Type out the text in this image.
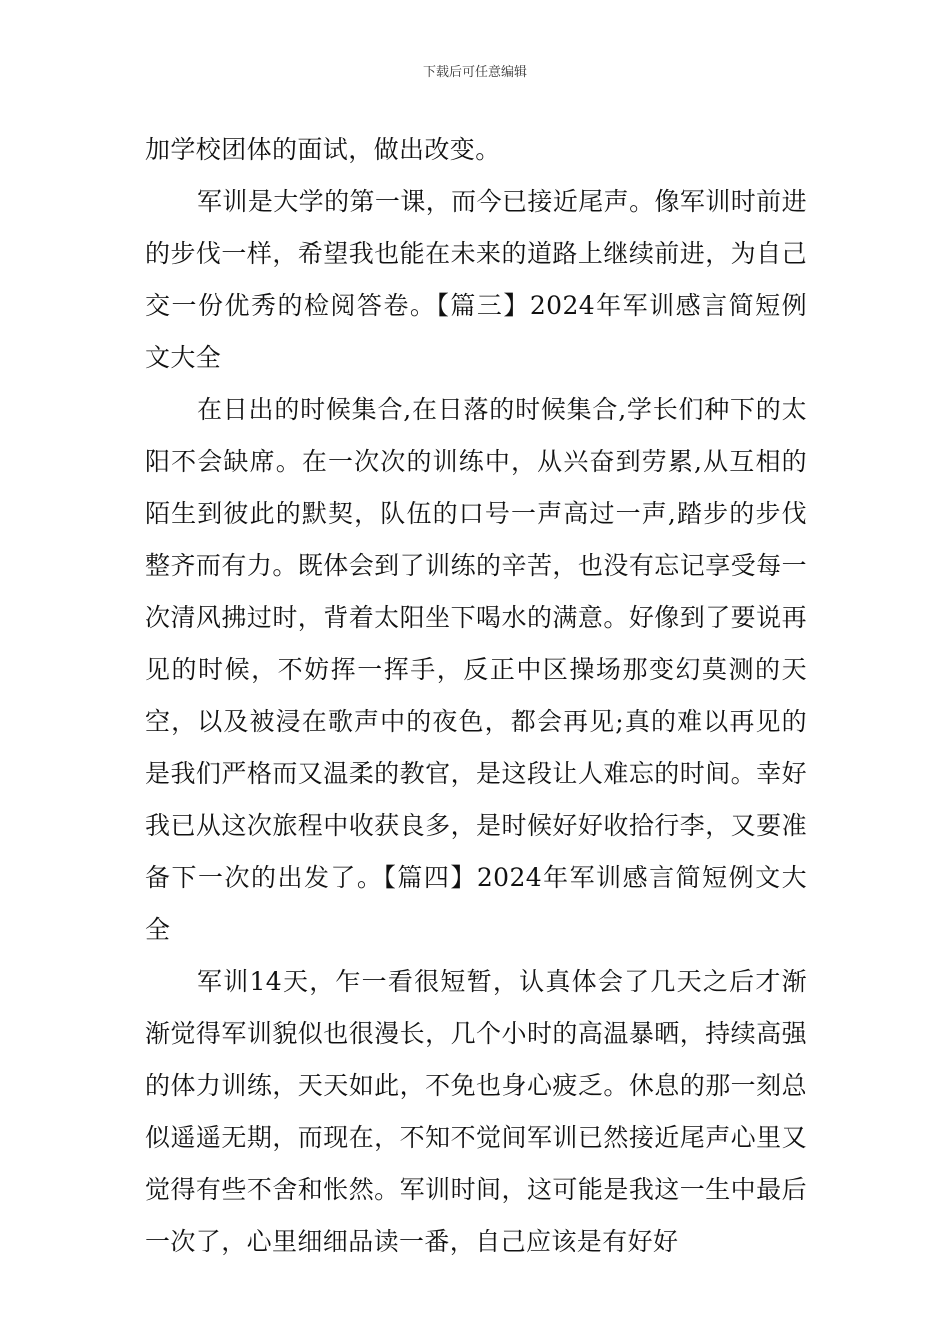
下载后可任意编辑

加学校团体的面试，做出改变。

军训是大学的第一课，而今已接近尾声。像军训时前进的步伐一样，希望我也能在未来的道路上继续前进，为自己交一份优秀的检阅答卷。【篇三】2024年军训感言简短例文大全

在日出的时候集合,在日落的时候集合,学长们种下的太阳不会缺席。在一次次的训练中，从兴奋到劳累,从互相的陌生到彼此的默契，队伍的口号一声高过一声,踏步的步伐整齐而有力。既体会到了训练的辛苦，也没有忘记享受每一次清风拂过时，背着太阳坐下喝水的满意。好像到了要说再见的时候，不妨挥一挥手，反正中区操场那变幻莫测的天空，以及被浸在歌声中的夜色，都会再见;真的难以再见的是我们严格而又温柔的教官，是这段让人难忘的时间。幸好我已从这次旅程中收获良多，是时候好好收拾行李，又要准备下一次的出发了。【篇四】2024年军训感言简短例文大全

军训14天，乍一看很短暂，认真体会了几天之后才渐渐觉得军训貌似也很漫长，几个小时的高温暴晒，持续高强的体力训练，天天如此，不免也身心疲乏。休息的那一刻总似遥遥无期，而现在，不知不觉间军训已然接近尾声心里又觉得有些不舍和怅然。军训时间，这可能是我这一生中最后一次了，心里细细品读一番，自己应该是有好好
